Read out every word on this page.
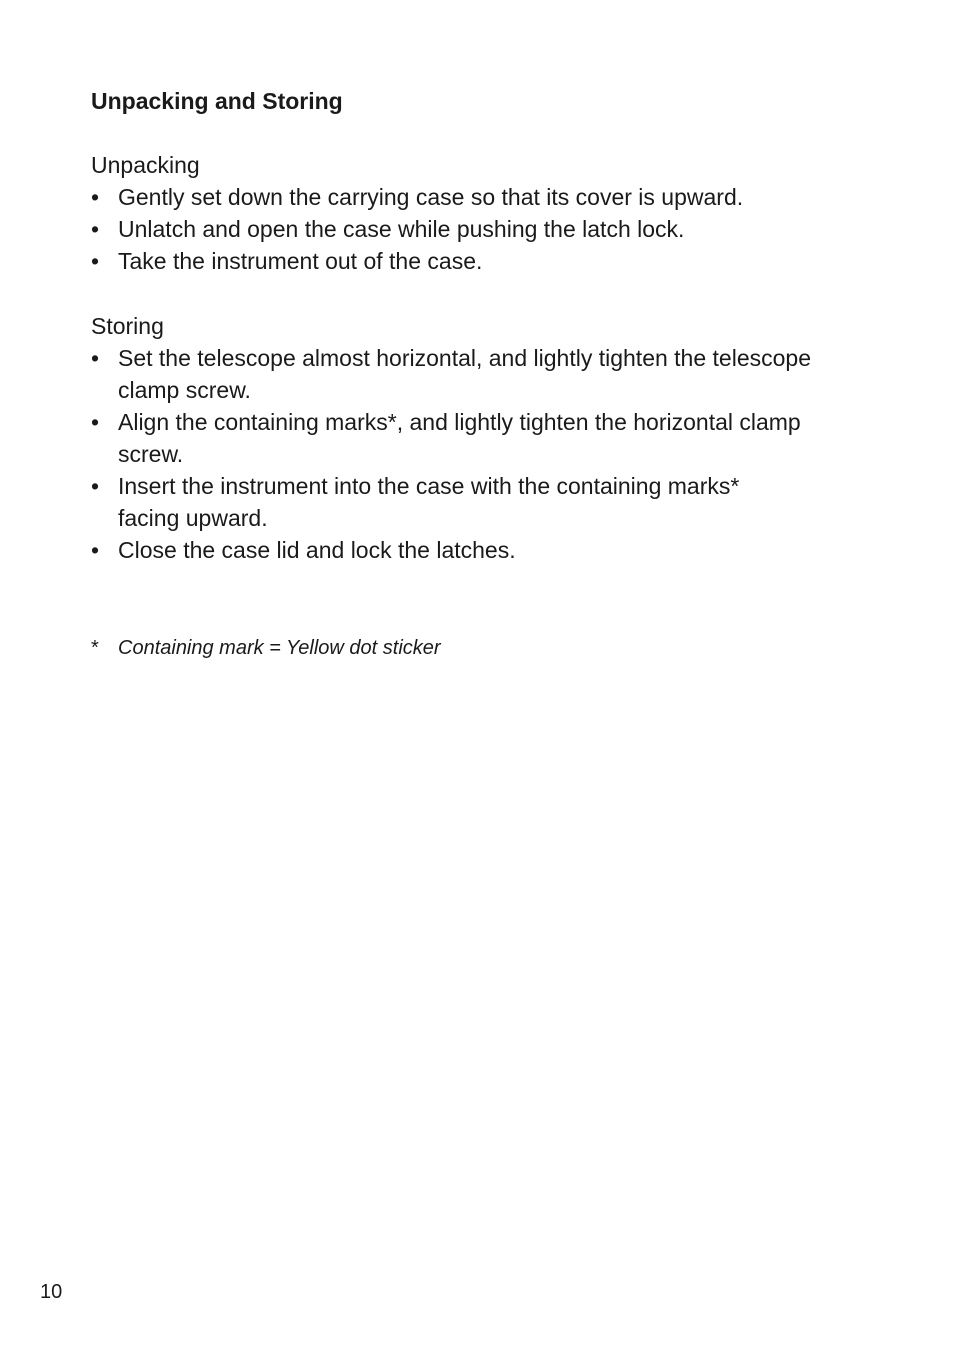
Unpacking and Storing
Unpacking
• Gently set down the carrying case so that its cover is upward.
• Unlatch and open the case while pushing the latch lock.
• Take the instrument out of the case.
Storing
• Set the telescope almost horizontal, and lightly tighten the telescope clamp screw.
• Align the containing marks*, and lightly tighten the horizontal clamp screw.
• Insert the instrument into the case with the containing marks* facing upward.
• Close the case lid and lock the latches.

* Containing mark = Yellow dot sticker

10
